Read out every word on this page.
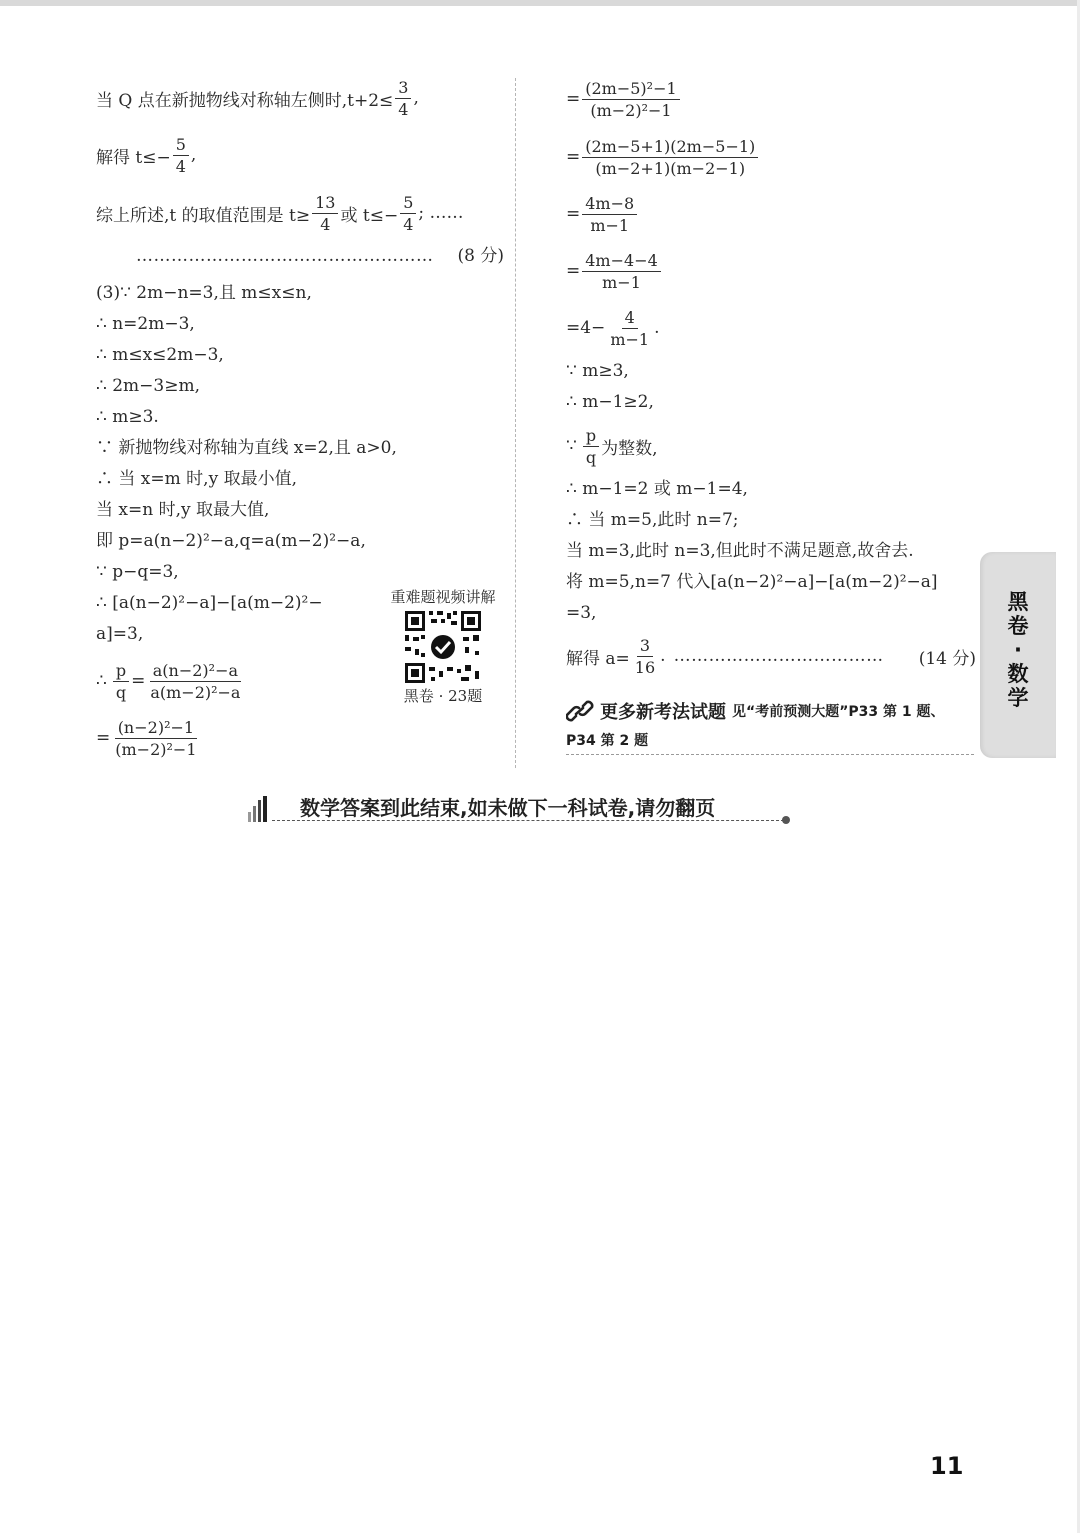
当 Q 点在新抛物线对称轴左侧时$,t+2\le \frac{3}{4}$ ,
解得 $t\le- \frac{5}{4}$ ,
综上所述,t 的取值范围是 $t\ge \frac{13}{4}$ 或 $t\le- \frac{5}{4}$ ; ……
……………………………………………	(8 分)
(3)∵ 2m−n=3,且 m≤x≤n,
∴ n=2m−3,
∴ m≤x≤2m−3,
∴ 2m−3≥m,
∴ m≥3.
∵ 新抛物线对称轴为直线 x=2,且 a>0,
∴ 当 x=m 时,y 取最小值,
当 x=n 时,y 取最大值,
即 p=a(n−2)²−a,q=a(m−2)²−a,
∵ p−q=3,
∴ [a(n−2)²−a]−[a(m−2)²−
a]=3,
∴ $\frac{p}{q} = \frac{\text{a(n−2)²−a}}{\text{a(m−2)²−a}}$
= $\frac{\text{(n−2)²−1}}{\text{(m−2)²−1}}$
重难题视频讲解
黑卷 · 23题
= $\frac{\text{(2m−5)²−1}}{\text{(m−2)²−1}}$
= $\frac{(2m-5+1)(2m-5-1)}{(m-2+1)(m-2-1)}$
= $\frac{4m-8}{m-1}$
= $\frac{4m-4-4}{m-1}$
$=4- \frac{4}{m-1}$ .
∵ m≥3,
∴ m−1≥2,
∵ $\frac{p}{q}$ 为整数,
∴ m−1=2 或 m−1=4,
∴ 当 m=5,此时 n=7;
当 m=3,此时 n=3,但此时不满足题意,故舍去.
将 m=5,n=7 代入[a(n−2)²−a]−[a(m−2)²−a]
=3,
解得 $a= \frac{3}{16}$ . ………………………………	(14 分)
更多新考法试题 见“考前预测大题”P33 第 1 题、
P34 第 2 题
数学答案到此结束,如未做下一科试卷,请勿翻页
黑卷·数学
11
